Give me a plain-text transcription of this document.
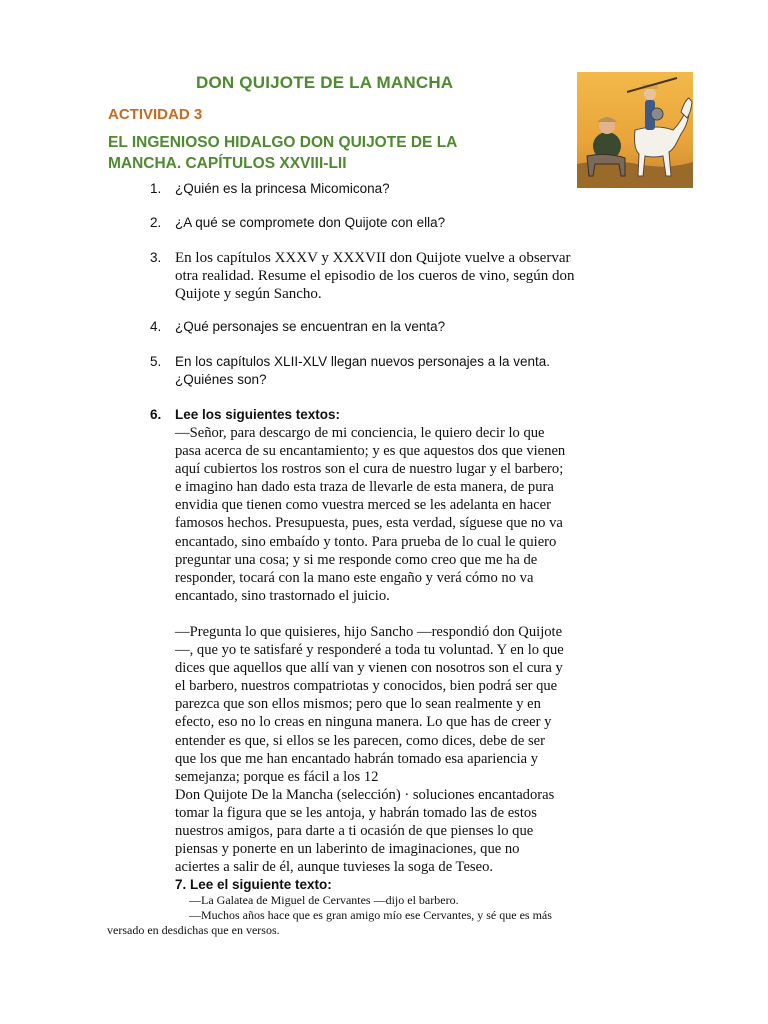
DON QUIJOTE DE LA MANCHA
ACTIVIDAD 3
EL INGENIOSO HIDALGO DON QUIJOTE DE LA
MANCHA. CAPÍTULOS XXVIII-LII
1. ¿Quién es la princesa Micomicona?
2. ¿A qué se compromete don Quijote con ella?
3. En los capítulos XXXV y XXXVII don Quijote vuelve a observar
otra realidad. Resume el episodio de los cueros de vino, según don
Quijote y según Sancho.
4. ¿Qué personajes se encuentran en la venta?
5. En los capítulos XLII-XLV llegan nuevos personajes a la venta.
¿Quiénes son?
6. Lee los siguientes textos:

—Señor, para descargo de mi conciencia, le quiero decir lo que
pasa acerca de su encantamiento; y es que aquestos dos que vienen
aquí cubiertos los rostros son el cura de nuestro lugar y el barbero;
e imagino han dado esta traza de llevarle de esta manera, de pura
envidia que tienen como vuestra merced se les adelanta en hacer
famosos hechos. Presupuesta, pues, esta verdad, síguese que no va
encantado, sino embaído y tonto. Para prueba de lo cual le quiero
preguntar una cosa; y si me responde como creo que me ha de
responder, tocará con la mano este engaño y verá cómo no va
encantado, sino trastornado el juicio.

—Pregunta lo que quisieres, hijo Sancho —respondió don Quijote
—, que yo te satisfaré y responderé a toda tu voluntad. Y en lo que
dices que aquellos que allí van y vienen con nosotros son el cura y
el barbero, nuestros compatriotas y conocidos, bien podrá ser que
parezca que son ellos mismos; pero que lo sean realmente y en
efecto, eso no lo creas en ninguna manera. Lo que has de creer y
entender es que, si ellos se les parecen, como dices, debe de ser
que los que me han encantado habrán tomado esa apariencia y
semejanza; porque es fácil a los 12
Don Quijote De la Mancha (selección) · soluciones encantadoras
tomar la figura que se les antoja, y habrán tomado las de estos
nuestros amigos, para darte a ti ocasión de que pienses lo que
piensas y ponerte en un laberinto de imaginaciones, que no
aciertes a salir de él, aunque tuvieses la soga de Teseo.

7. Lee el siguiente texto:
—La Galatea de Miguel de Cervantes —dijo el barbero.
—Muchos años hace que es gran amigo mío ese Cervantes, y sé que es más
versado en desdichas que en versos.
